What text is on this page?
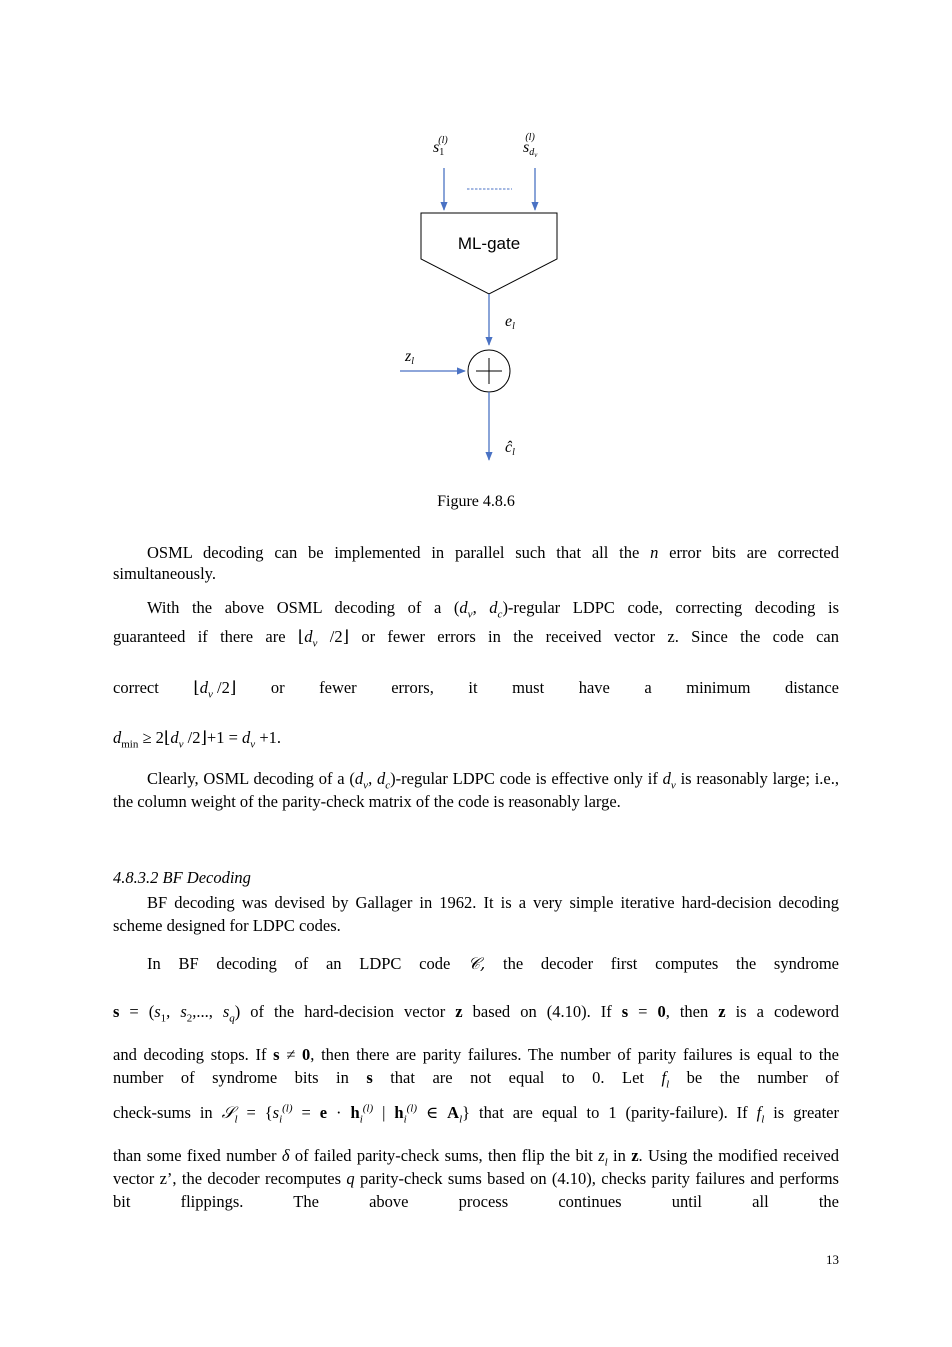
s1(l)	sdv(l)
ML-gate
el
zl
ĉl
Figure 4.8.6

OSML decoding can be implemented in parallel such that all the n error bits are corrected simultaneously.

With the above OSML decoding of a ($d_v$, $d_c$)-regular LDPC code, correcting decoding is

guaranteed if there are $⌊d_v$ /2⌋ or fewer errors in the received vector z. Since the code can
correct $⌊d_v$ /2⌋ or fewer errors, it must have a minimum distance
$d_{min}$ ≥ $2⌊d_v$ /2⌋+1 = $d_v +1$.

Clearly, OSML decoding of a ($d_v$, $d_c$)-regular LDPC code is effective only if $d_v$ is reasonably large; i.e., the column weight of the parity-check matrix of the code is reasonably large.

4.8.3.2 BF Decoding

BF decoding was devised by Gallager in 1962. It is a very simple iterative hard-decision decoding scheme designed for LDPC codes.

In BF decoding of an LDPC code 𝒞, the decoder first computes the syndrome
$s = (s_1$, $s_2$,..., $s_q$) of the hard-decision vector z based on (4.10). If s = 0, then z is a codeword

and decoding stops. If s ≠ 0, then there are parity failures. The number of parity failures is equal to the number of syndrome bits in s that are not equal to 0. Let $f_l$ be the number of

check-sums in 𝒮$_l$ = {$s_i^{(l)} = e \cdot h_i^{(l)}$ | $h_i^{(l)}$ ∈ $A_l$} that are equal to 1 (parity-failure). If $f_l$ is greater

than some fixed number δ of failed parity-check sums, then flip the bit $z_l$ in z. Using the modified received vector z’, the decoder recomputes q parity-check sums based on (4.10), checks parity failures and performs bit flippings. The above process continues until all the

13
